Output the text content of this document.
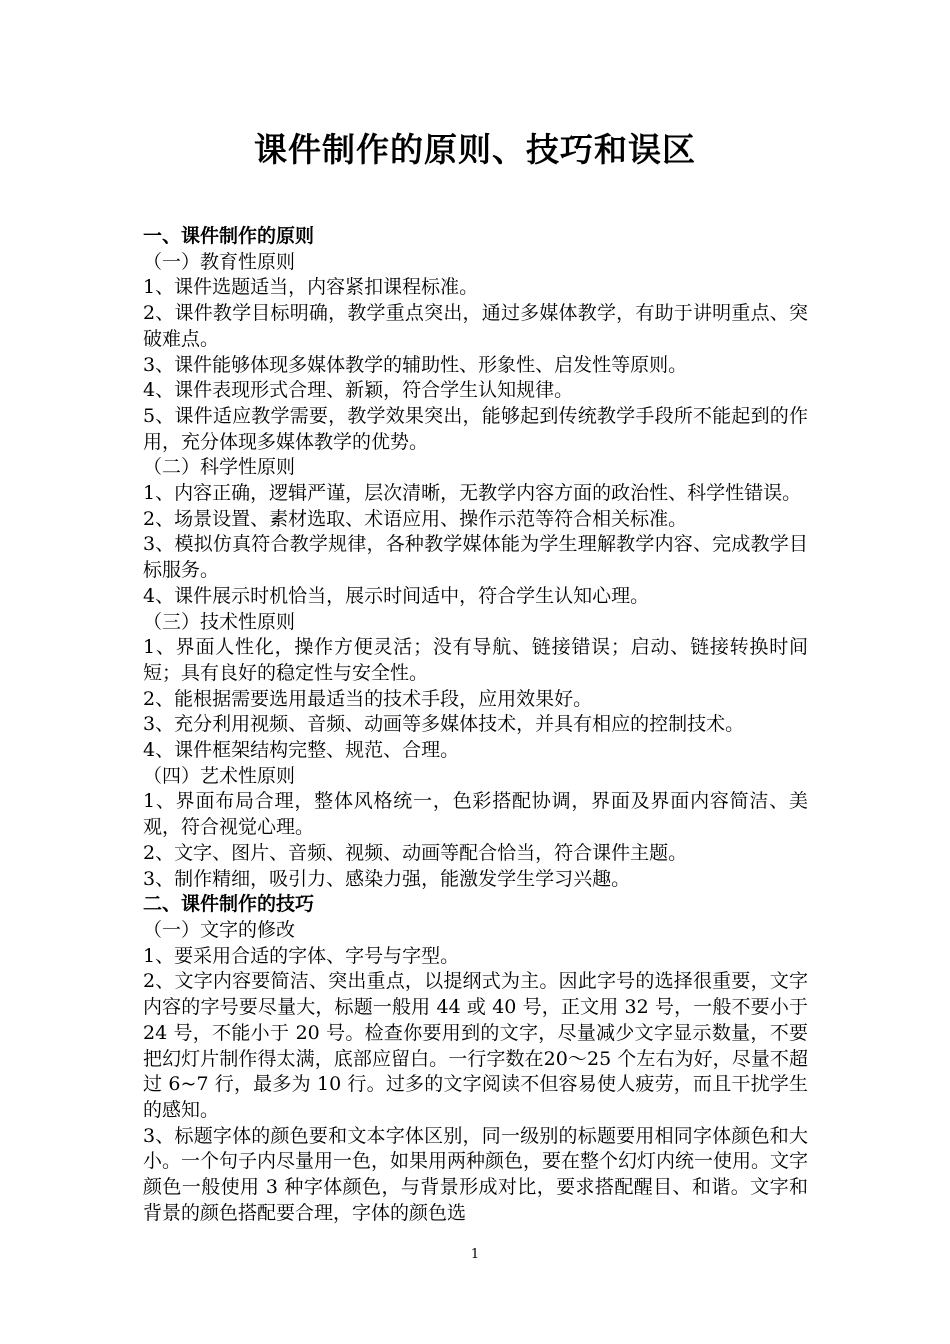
课件制作的原则、技巧和误区

一、课件制作的原则

（一）教育性原则

1、课件选题适当，内容紧扣课程标准。

2、课件教学目标明确，教学重点突出，通过多媒体教学，有助于讲明重点、突破难点。

3、课件能够体现多媒体教学的辅助性、形象性、启发性等原则。

4、课件表现形式合理、新颖，符合学生认知规律。

5、课件适应教学需要，教学效果突出，能够起到传统教学手段所不能起到的作用，充分体现多媒体教学的优势。

（二）科学性原则

1、内容正确，逻辑严谨，层次清晰，无教学内容方面的政治性、科学性错误。

2、场景设置、素材选取、术语应用、操作示范等符合相关标准。

3、模拟仿真符合教学规律，各种教学媒体能为学生理解教学内容、完成教学目标服务。

4、课件展示时机恰当，展示时间适中，符合学生认知心理。

（三）技术性原则

1、界面人性化，操作方便灵活；没有导航、链接错误；启动、链接转换时间短；具有良好的稳定性与安全性。

2、能根据需要选用最适当的技术手段，应用效果好。

3、充分利用视频、音频、动画等多媒体技术，并具有相应的控制技术。

4、课件框架结构完整、规范、合理。

（四）艺术性原则

1、界面布局合理，整体风格统一，色彩搭配协调，界面及界面内容简洁、美观，符合视觉心理。

2、文字、图片、音频、视频、动画等配合恰当，符合课件主题。

3、制作精细，吸引力、感染力强，能激发学生学习兴趣。

二、课件制作的技巧

（一）文字的修改

1、要采用合适的字体、字号与字型。

2、文字内容要简洁、突出重点，以提纲式为主。因此字号的选择很重要，文字内容的字号要尽量大，标题一般用 44 或 40 号，正文用 32 号，一般不要小于 24 号，不能小于 20 号。检查你要用到的文字，尽量减少文字显示数量，不要把幻灯片制作得太满，底部应留白。一行字数在20～25 个左右为好，尽量不超过 6~7 行，最多为 10 行。过多的文字阅读不但容易使人疲劳，而且干扰学生的感知。

3、标题字体的颜色要和文本字体区别，同一级别的标题要用相同字体颜色和大小。一个句子内尽量用一色，如果用两种颜色，要在整个幻灯内统一使用。文字颜色一般使用 3 种字体颜色，与背景形成对比，要求搭配醒目、和谐。文字和背景的颜色搭配要合理，字体的颜色选

1
